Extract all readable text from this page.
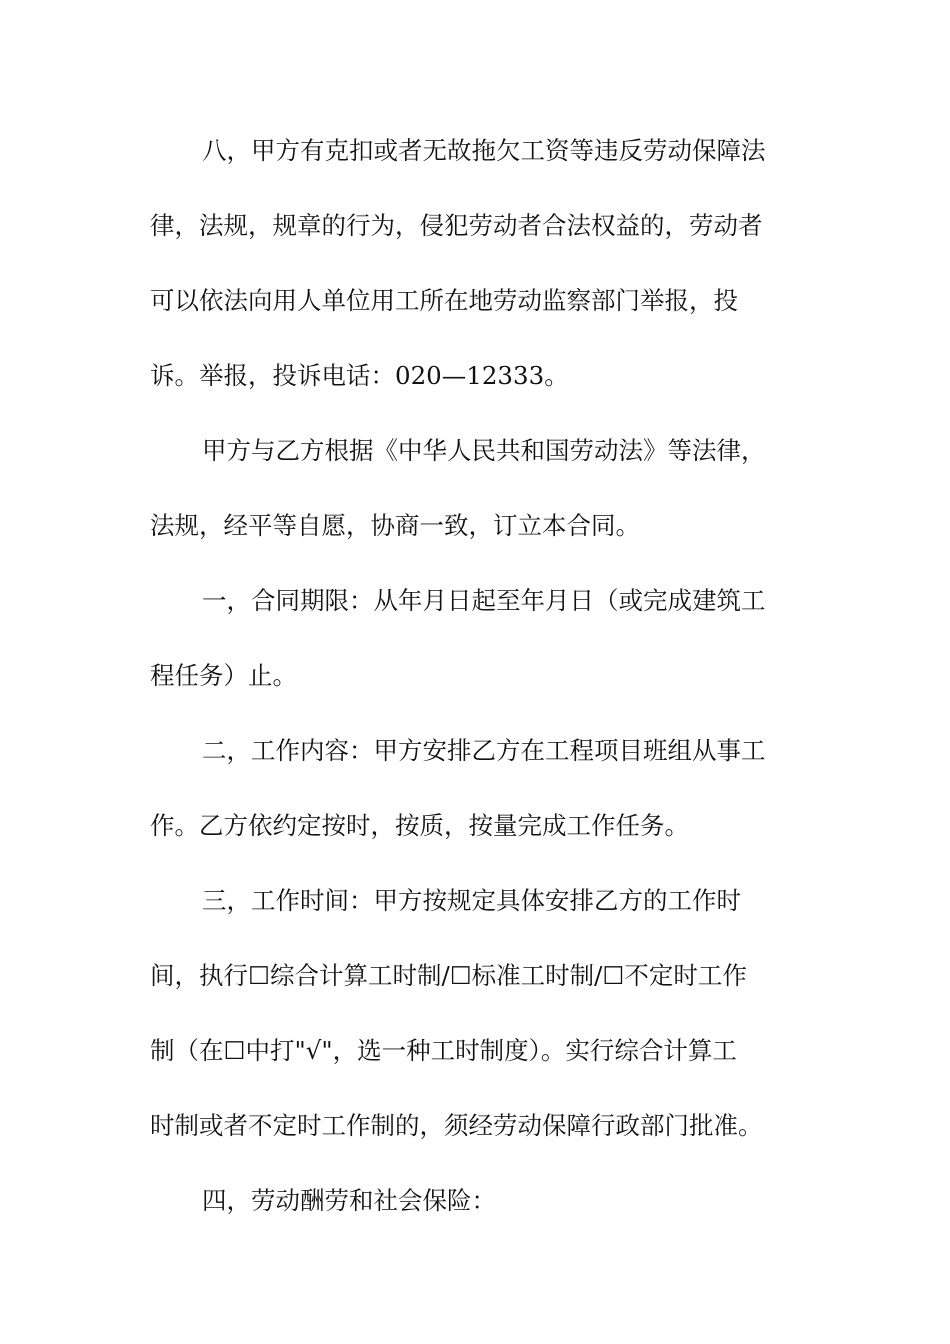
八，甲方有克扣或者无故拖欠工资等违反劳动保障法

律，法规，规章的行为，侵犯劳动者合法权益的，劳动者

可以依法向用人单位用工所在地劳动监察部门举报，投

诉。举报，投诉电话：020—12333。

甲方与乙方根据《中华人民共和国劳动法》等法律，

法规，经平等自愿，协商一致，订立本合同。

一，合同期限：从年月日起至年月日（或完成建筑工

程任务）止。

二，工作内容：甲方安排乙方在工程项目班组从事工

作。乙方依约定按时，按质，按量完成工作任务。

三，工作时间：甲方按规定具体安排乙方的工作时

间，执行☐综合计算工时制/☐标准工时制/☐不定时工作

制（在☐中打"√"，选一种工时制度）。实行综合计算工

时制或者不定时工作制的，须经劳动保障行政部门批准。

四，劳动酬劳和社会保险：
